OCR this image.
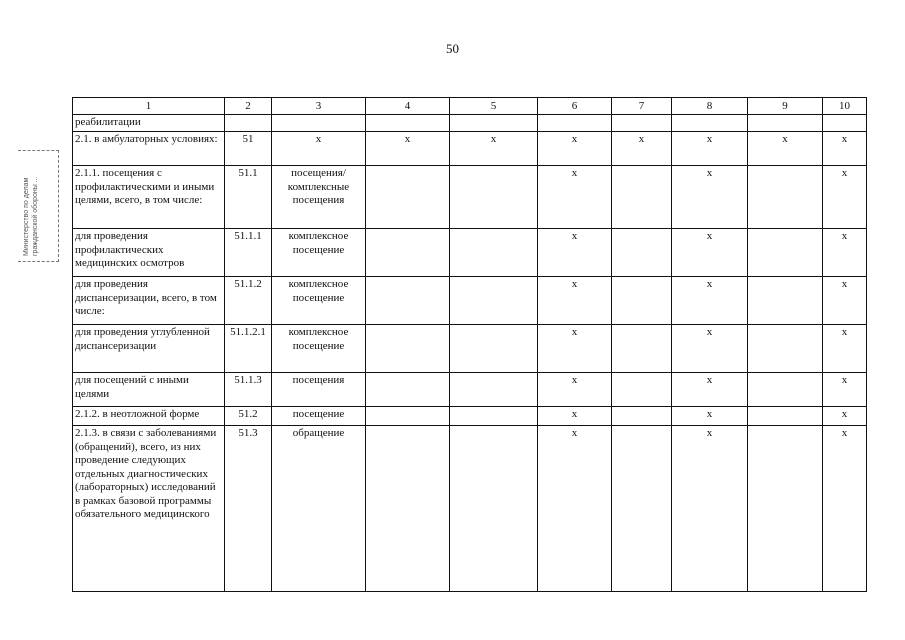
50
Министерство по делам гражданской обороны ...
1	2	3	4	5	6	7	8	9	10
реабилитации									
2.1. в амбулаторных условиях:	51	х	х	х	х	х	х	х	х
2.1.1. посещения с профилактическими и иными целями, всего, в том числе:	51.1	посещения/ комплексные посещения			х		х		х
для проведения профилактических медицинских осмотров	51.1.1	комплексное посещение			х		х		х
для проведения диспансеризации, всего, в том числе:	51.1.2	комплексное посещение			х		х		х
для проведения углубленной диспансеризации	51.1.2.1	комплексное посещение			х		х		х
для посещений с иными целями	51.1.3	посещения			х		х		х
2.1.2. в неотложной форме	51.2	посещение			х		х		х
2.1.3. в связи с заболеваниями (обращений), всего, из них проведение следующих отдельных диагностических (лабораторных) исследований в рамках базовой программы обязательного медицинского	51.3	обращение			х		х		х
